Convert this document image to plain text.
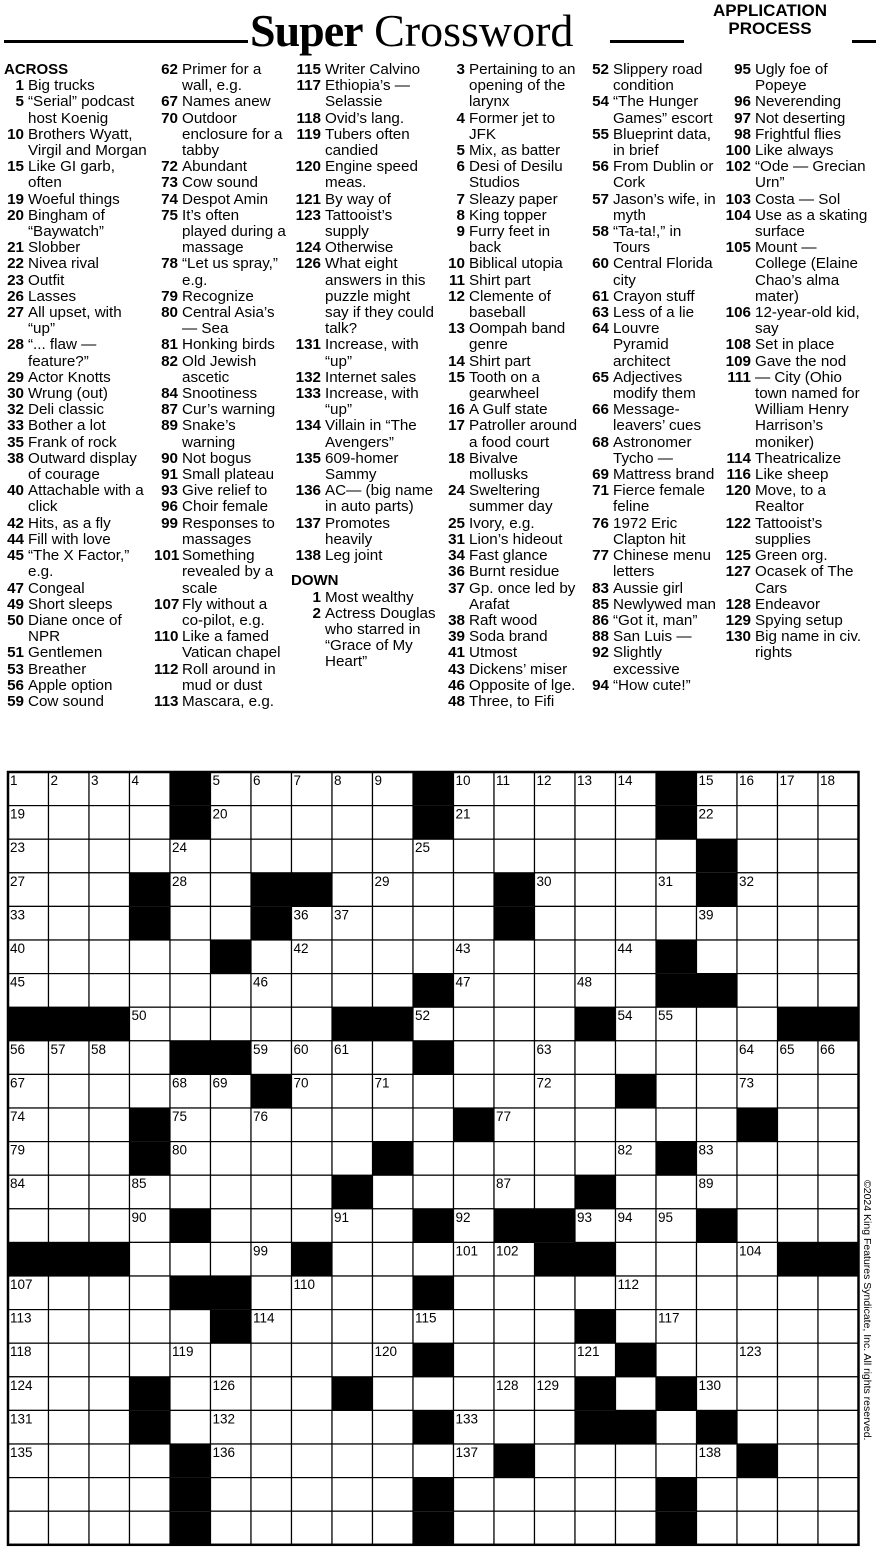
Super Crossword	APPLICATION
PROCESS
ACROSS
1 Big trucks
5 “Serial” podcast host Koenig
10 Brothers Wyatt, Virgil and Morgan
15 Like GI garb, often
19 Woeful things
20 Bingham of “Baywatch”
21 Slobber
22 Nivea rival
23 Outfit
26 Lasses
27 All upset, with “up”
28 “... flaw — feature?”
29 Actor Knotts
30 Wrung (out)
32 Deli classic
33 Bother a lot
35 Frank of rock
38 Outward display of courage
40 Attachable with a click
42 Hits, as a fly
44 Fill with love
45 “The X Factor,” e.g.
47 Congeal
49 Short sleeps
50 Diane once of NPR
51 Gentlemen
53 Breather
56 Apple option
59 Cow sound
62 Primer for a wall, e.g.
67 Names anew
70 Outdoor enclosure for a tabby
72 Abundant
73 Cow sound
74 Despot Amin
75 It’s often played during a massage
78 “Let us spray,” e.g.
79 Recognize
80 Central Asia’s — Sea
81 Honking birds
82 Old Jewish ascetic
84 Snootiness
87 Cur’s warning
89 Snake’s warning
90 Not bogus
91 Small plateau
93 Give relief to
96 Choir female
99 Responses to massages
101 Something revealed by a scale
107 Fly without a co-pilot, e.g.
110 Like a famed Vatican chapel
112 Roll around in mud or dust
113 Mascara, e.g.
115 Writer Calvino
117 Ethiopia’s — Selassie
118 Ovid’s lang.
119 Tubers often candied
120 Engine speed meas.
121 By way of
123 Tattooist’s supply
124 Otherwise
126 What eight answers in this puzzle might say if they could talk?
131 Increase, with “up”
132 Internet sales
133 Increase, with “up”
134 Villain in “The Avengers”
135 609-homer Sammy
136 AC— (big name in auto parts)
137 Promotes heavily
138 Leg joint
DOWN
1 Most wealthy
2 Actress Douglas who starred in “Grace of My Heart”
3 Pertaining to an opening of the larynx
4 Former jet to JFK
5 Mix, as batter
6 Desi of Desilu Studios
7 Sleazy paper
8 King topper
9 Furry feet in back
10 Biblical utopia
11 Shirt part
12 Clemente of baseball
13 Oompah band genre
14 Shirt part
15 Tooth on a gearwheel
16 A Gulf state
17 Patroller around a food court
18 Bivalve mollusks
24 Sweltering summer day
25 Ivory, e.g.
31 Lion’s hideout
34 Fast glance
36 Burnt residue
37 Gp. once led by Arafat
38 Raft wood
39 Soda brand
41 Utmost
43 Dickens’ miser
46 Opposite of lge.
48 Three, to Fifi
52 Slippery road condition
54 “The Hunger Games” escort
55 Blueprint data, in brief
56 From Dublin or Cork
57 Jason’s wife, in myth
58 “Ta-ta!,” in Tours
60 Central Florida city
61 Crayon stuff
63 Less of a lie
64 Louvre Pyramid architect
65 Adjectives modify them
66 Message-leavers’ cues
68 Astronomer Tycho —
69 Mattress brand
71 Fierce female feline
76 1972 Eric Clapton hit
77 Chinese menu letters
83 Aussie girl
85 Newlywed man
86 “Got it, man”
88 San Luis —
92 Slightly excessive
94 “How cute!”
95 Ugly foe of Popeye
96 Neverending
97 Not deserting
98 Frightful flies
100 Like always
102 “Ode — Grecian Urn”
103 Costa — Sol
104 Use as a skating surface
105 Mount — College (Elaine Chao’s alma mater)
106 12-year-old kid, say
108 Set in place
109 Gave the nod
111 — City (Ohio town named for William Henry Harrison’s moniker)
114 Theatricalize
116 Like sheep
120 Move, to a Realtor
122 Tattooist’s supplies
125 Green org.
127 Ocasek of The Cars
128 Endeavor
129 Spying setup
130 Big name in civ. rights
1 2 3 4	5 6 7 8 9	10 11 12 13 14	15 16 17 18
19	20	21	22
23	24	25	26
27	28	29	30	31	32
33	34	35 36 37	38	39
40	41	42	43	44
45	46	47	48	49
50	51 52	53 54 55
56 57 58	59 60 61	62	63	64 65 66
67	68 69	70	71	72	73
74	75	76	77	78
79	80	81	82	83
84	85	86	87	88	89
90	91	92	93 94 95
96 97 98	99 100	101 102 103	104 105 106
107	108 109	110	111	112
113	114	115	116	117
118	119	120	121 122	123
124	125	126	127	128 129	130
131	132	133	134
135	136	137	138
©2024 King Features Syndicate, Inc. All rights reserved.
